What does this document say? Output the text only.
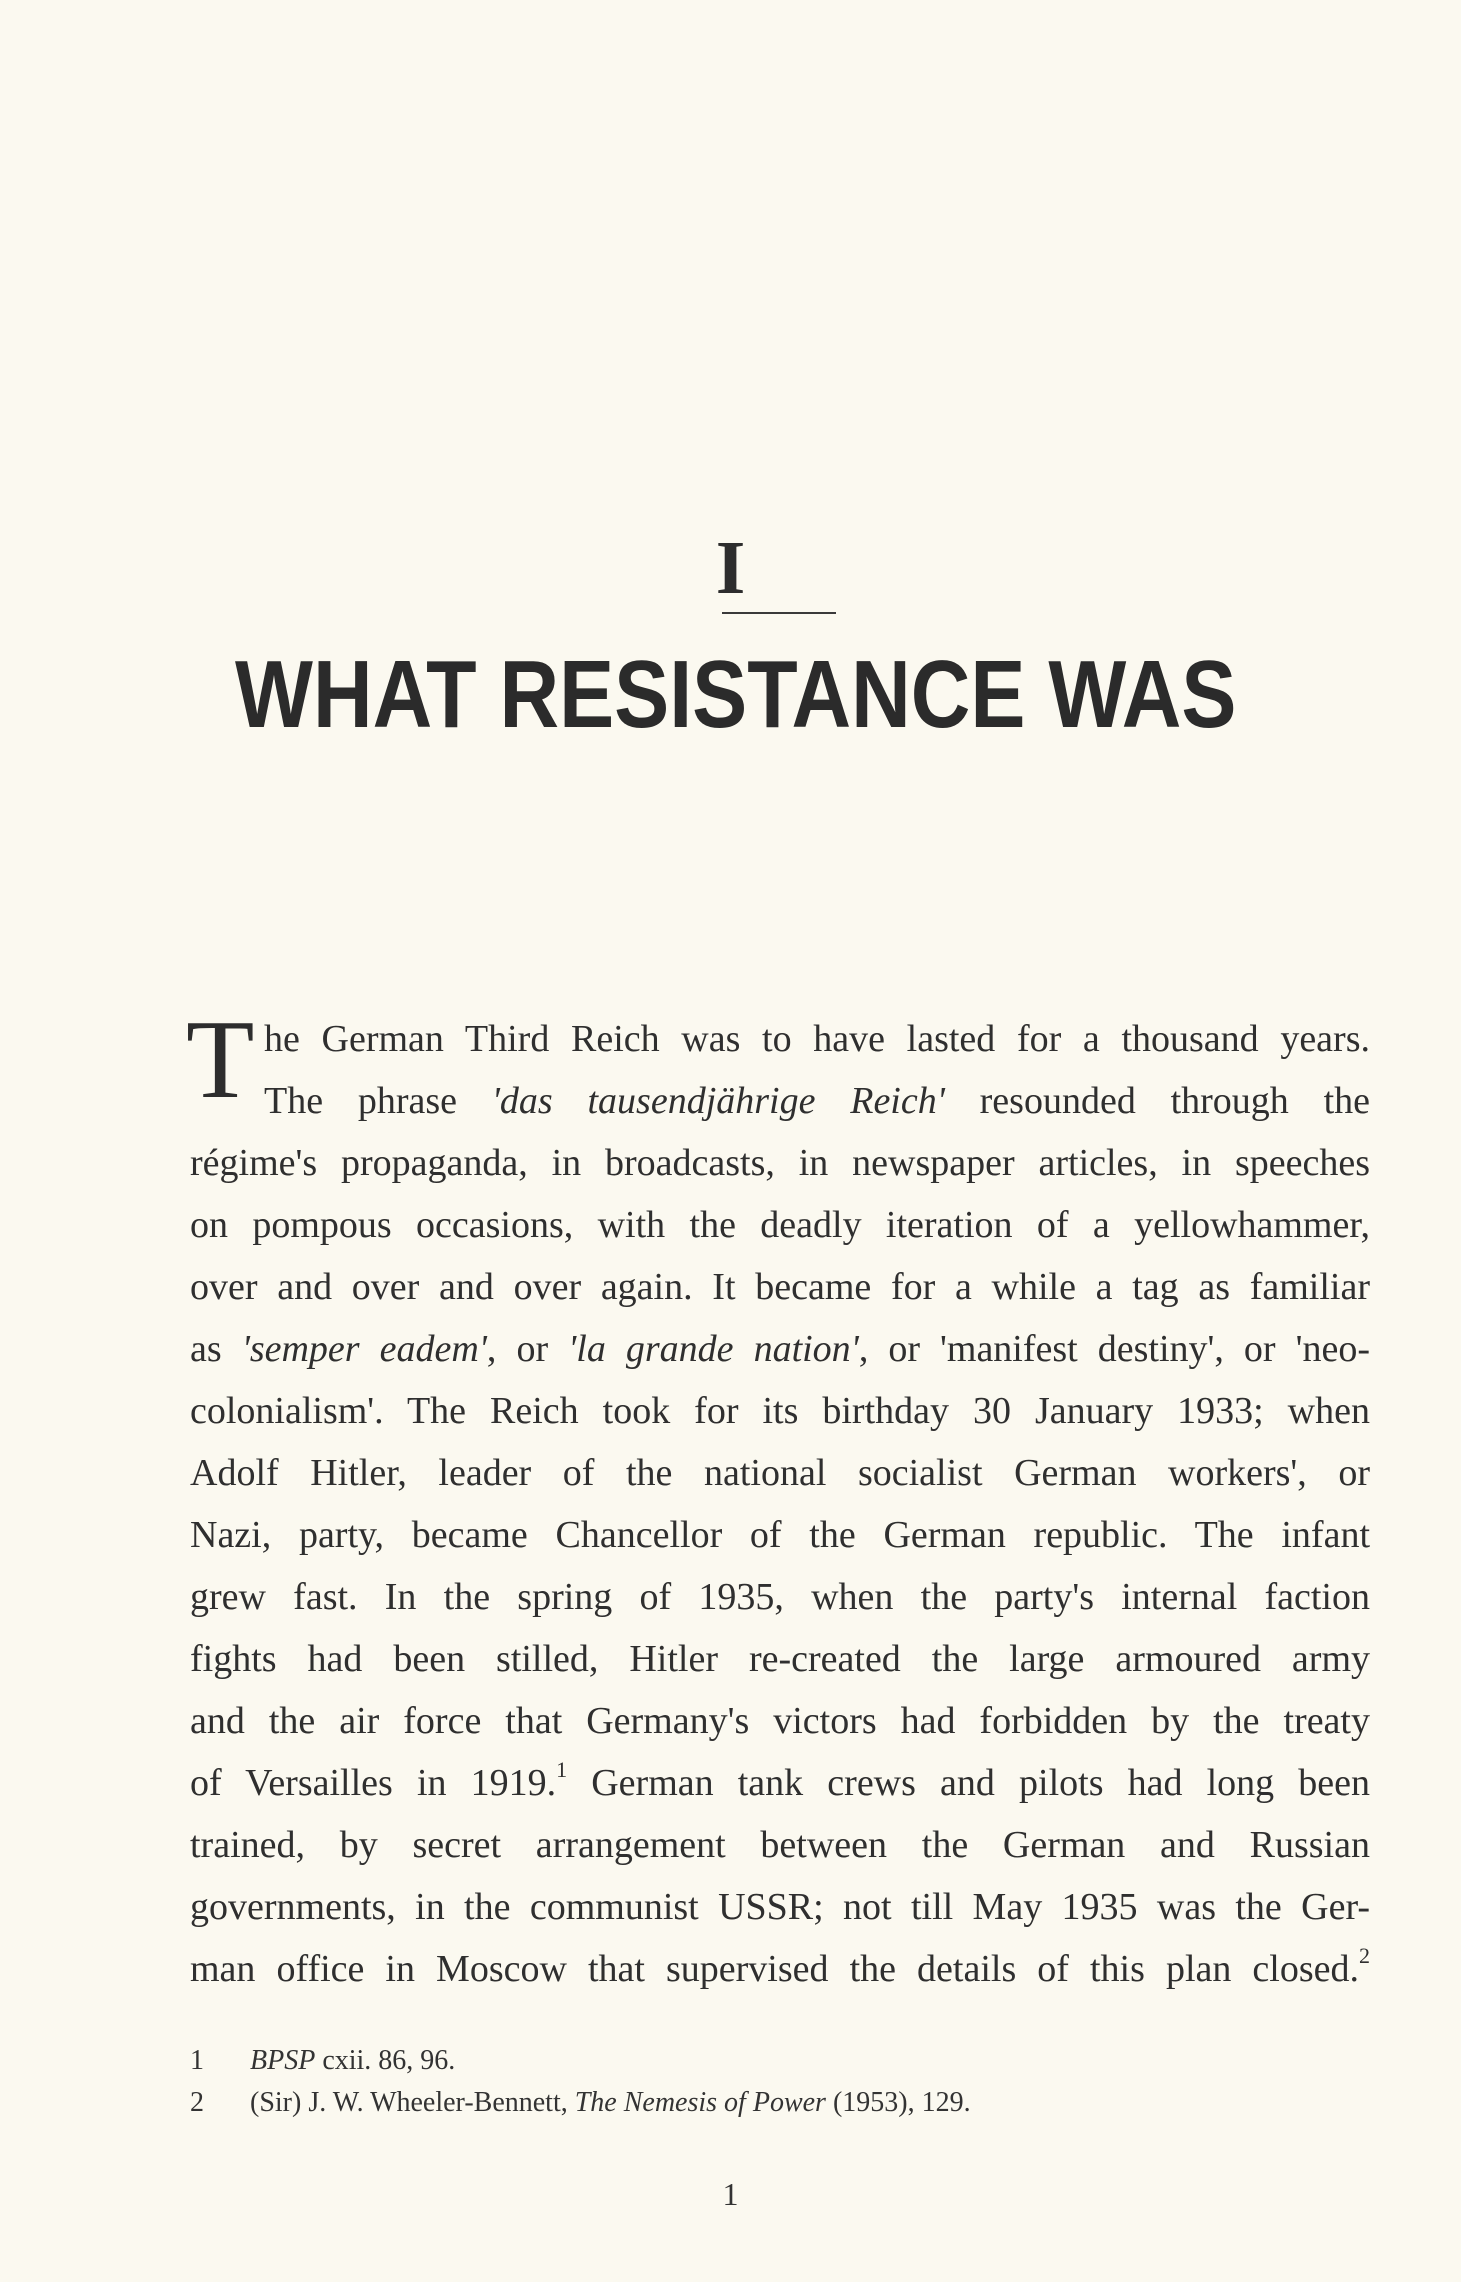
I
WHAT RESISTANCE WAS
T he German Third Reich was to have lasted for a thousand years.
The phrase 'das tausendjährige Reich' resounded through the
régime's propaganda, in broadcasts, in newspaper articles, in speeches
on pompous occasions, with the deadly iteration of a yellowhammer,
over and over and over again. It became for a while a tag as familiar
as 'semper eadem', or 'la grande nation', or 'manifest destiny', or 'neo-
colonialism'. The Reich took for its birthday 30 January 1933; when
Adolf Hitler, leader of the national socialist German workers', or
Nazi, party, became Chancellor of the German republic. The infant
grew fast. In the spring of 1935, when the party's internal faction
fights had been stilled, Hitler re-created the large armoured army
and the air force that Germany's victors had forbidden by the treaty
of Versailles in 1919.$^1$ German tank crews and pilots had long been
trained, by secret arrangement between the German and Russian
governments, in the communist USSR; not till May 1935 was the Ger-
man office in Moscow that supervised the details of this plan closed.$^2$
1	BPSP cxii. 86, 96.
2	(Sir) J. W. Wheeler-Bennett, The Nemesis of Power (1953), 129.
1
